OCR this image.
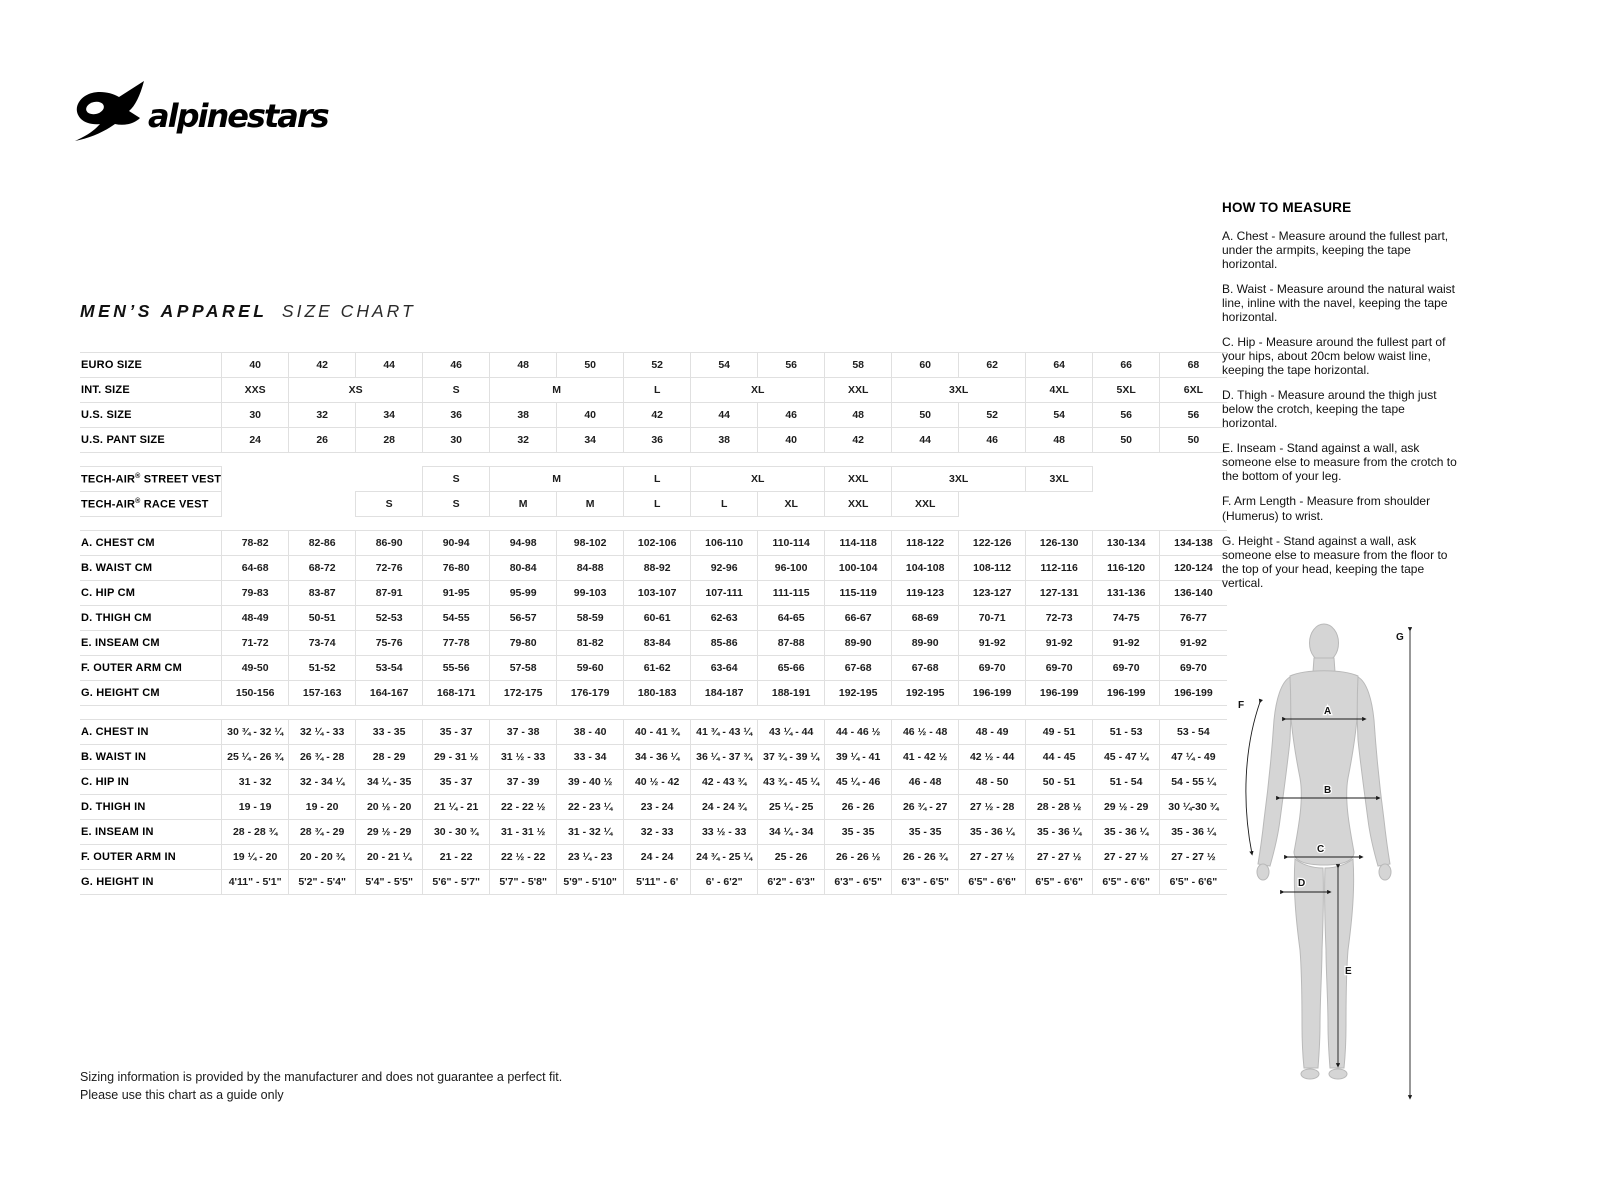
alpinestars
MEN’S APPAREL SIZE CHART
EURO SIZE	40	42	44	46	48	50	52	54	56	58	60	62	64	66	68
INT. SIZE	XXS	XS		S	M		L	XL		XXL	3XL		4XL	5XL	6XL
U.S. SIZE	30	32	34	36	38	40	42	44	46	48	50	52	54	56	56
U.S. PANT SIZE	24	26	28	30	32	34	36	38	40	42	44	46	48	50	50

TECH-AIR® STREET VEST				S	M		L	XL		XXL	3XL		3XL		
TECH-AIR® RACE VEST			S	S	M	M	L	L	XL	XXL	XXL				

A. CHEST CM	78-82	82-86	86-90	90-94	94-98	98-102	102-106	106-110	110-114	114-118	118-122	122-126	126-130	130-134	134-138
B. WAIST CM	64-68	68-72	72-76	76-80	80-84	84-88	88-92	92-96	96-100	100-104	104-108	108-112	112-116	116-120	120-124
C. HIP CM	79-83	83-87	87-91	91-95	95-99	99-103	103-107	107-111	111-115	115-119	119-123	123-127	127-131	131-136	136-140
D. THIGH CM	48-49	50-51	52-53	54-55	56-57	58-59	60-61	62-63	64-65	66-67	68-69	70-71	72-73	74-75	76-77
E. INSEAM CM	71-72	73-74	75-76	77-78	79-80	81-82	83-84	85-86	87-88	89-90	89-90	91-92	91-92	91-92	91-92
F. OUTER ARM CM	49-50	51-52	53-54	55-56	57-58	59-60	61-62	63-64	65-66	67-68	67-68	69-70	69-70	69-70	69-70
G. HEIGHT CM	150-156	157-163	164-167	168-171	172-175	176-179	180-183	184-187	188-191	192-195	192-195	196-199	196-199	196-199	196-199

A. CHEST IN	30 ¾ - 32 ¼	32 ¼ - 33	33 - 35	35 - 37	37 - 38	38 - 40	40 - 41 ¾	41 ¾ - 43 ¼	43 ¼ - 44	44 - 46 ½	46 ½ - 48	48 - 49	49 - 51	51 - 53	53 - 54
B. WAIST IN	25 ¼ - 26 ¾	26 ¾ - 28	28 - 29	29 - 31 ½	31 ½ - 33	33 - 34	34 - 36 ¼	36 ¼ - 37 ¾	37 ¾ - 39 ¼	39 ¼ - 41	41 - 42 ½	42 ½ - 44	44 - 45	45 - 47 ¼	47 ¼ - 49
C. HIP IN	31 - 32	32 - 34 ¼	34 ¼ - 35	35 - 37	37 - 39	39 - 40 ½	40 ½ - 42	42 - 43 ¾	43 ¾ - 45 ¼	45 ¼ - 46	46 - 48	48 - 50	50 - 51	51 - 54	54 - 55 ¼
D. THIGH IN	19 - 19	19 - 20	20 ½ - 20	21 ¼ - 21	22 - 22 ½	22 - 23 ¼	23 - 24	24 - 24 ¾	25 ¼ - 25	26 - 26	26 ¾ - 27	27 ½ - 28	28 - 28 ½	29 ½ - 29	30 ¼-30 ¾
E. INSEAM IN	28 - 28 ¾	28 ¾ - 29	29 ½ - 29	30 - 30 ¾	31 - 31 ½	31 - 32 ¼	32 - 33	33 ½ - 33	34 ¼ - 34	35 - 35	35 - 35	35 - 36 ¼	35 - 36 ¼	35 - 36 ¼	35 - 36 ¼
F. OUTER ARM IN	19 ¼ - 20	20 - 20 ¾	20 - 21 ¼	21 - 22	22 ½ - 22	23 ¼ - 23	24 - 24	24 ¾ - 25 ¼	25 - 26	26 - 26 ½	26 - 26 ¾	27 - 27 ½	27 - 27 ½	27 - 27 ½	27 - 27 ½
G. HEIGHT IN	4'11" - 5'1"	5'2" - 5'4"	5'4" - 5'5"	5'6" - 5'7"	5'7" - 5'8"	5'9" - 5'10"	5'11" - 6'	6' - 6'2"	6'2" - 6'3"	6'3" - 6'5"	6'3" - 6'5"	6'5" - 6'6"	6'5" - 6'6"	6'5" - 6'6"	6'5" - 6'6"
HOW TO MEASURE

A. Chest - Measure around the fullest part, under the armpits, keeping the tape horizontal.

B. Waist - Measure around the natural waist line, inline with the navel, keeping the tape horizontal.

C. Hip - Measure around the fullest part of your hips, about 20cm below waist line, keeping the tape horizontal.

D. Thigh - Measure around the thigh just below the crotch, keeping the tape horizontal.

E. Inseam - Stand against a wall, ask someone else to measure from the crotch to the bottom of your leg.

F. Arm Length - Measure from shoulder (Humerus) to wrist.

G. Height - Stand against a wall, ask someone else to measure from the floor to the top of your head, keeping the tape vertical.

A
B
C
D
E
F
G
Sizing information is provided by the manufacturer and does not guarantee a perfect fit.
Please use this chart as a guide only
